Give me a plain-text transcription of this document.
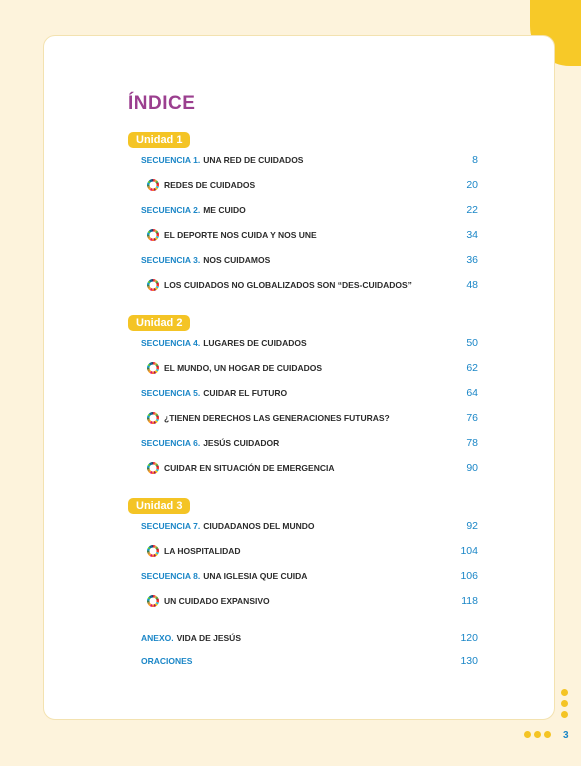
ÍNDICE
Unidad 1
SECUENCIA 1. UNA RED DE CUIDADOS	8
REDES DE CUIDADOS	20
SECUENCIA 2. ME CUIDO	22
EL DEPORTE NOS CUIDA Y NOS UNE	34
SECUENCIA 3. NOS CUIDAMOS	36
LOS CUIDADOS NO GLOBALIZADOS SON “DES-CUIDADOS”	48
Unidad 2
SECUENCIA 4. LUGARES DE CUIDADOS	50
EL MUNDO, UN HOGAR DE CUIDADOS	62
SECUENCIA 5. CUIDAR EL FUTURO	64
¿TIENEN DERECHOS LAS GENERACIONES FUTURAS?	76
SECUENCIA 6. JESÚS CUIDADOR	78
CUIDAR EN SITUACIÓN DE EMERGENCIA	90
Unidad 3
SECUENCIA 7. CIUDADANOS DEL MUNDO	92
LA HOSPITALIDAD	104
SECUENCIA 8. UNA IGLESIA QUE CUIDA	106
UN CUIDADO EXPANSIVO	118
ANEXO. VIDA DE JESÚS	120
ORACIONES	130
3
